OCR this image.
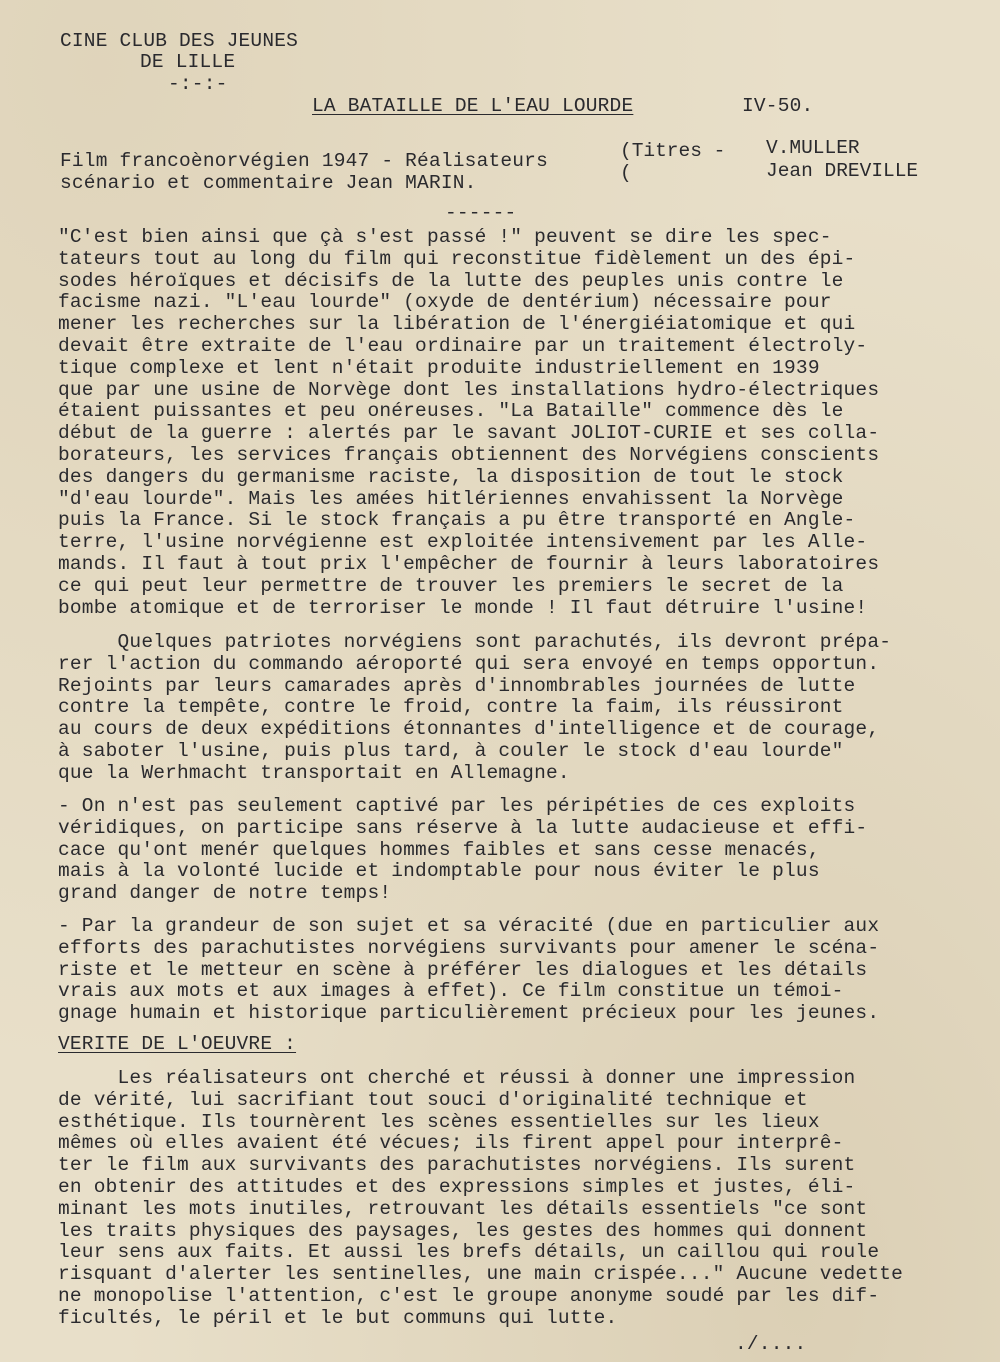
CINE CLUB DES JEUNES
DE LILLE
-:-:-
LA BATAILLE DE L'EAU LOURDE	IV-50.
Film francoènorvégien 1947 - Réalisateurs
scénario et commentaire Jean MARIN.
(Titres -
(
V.MULLER
Jean DREVILLE
------
"C'est bien ainsi que çà s'est passé !" peuvent se dire les spec-
tateurs tout au long du film qui reconstitue fidèlement un des épi-
sodes héroïques et décisifs de la lutte des peuples unis contre le
facisme nazi. "L'eau lourde" (oxyde de dentérium) nécessaire pour
mener les recherches sur la libération de l'énergiéiatomique et qui
devait être extraite de l'eau ordinaire par un traitement électroly-
tique complexe et lent n'était produite industriellement en 1939
que par une usine de Norvège dont les installations hydro-électriques
étaient puissantes et peu onéreuses. "La Bataille" commence dès le
début de la guerre : alertés par le savant JOLIOT-CURIE et ses colla-
borateurs, les services français obtiennent des Norvégiens conscients
des dangers du germanisme raciste, la disposition de tout le stock
"d'eau lourde". Mais les amées hitlériennes envahissent la Norvège
puis la France. Si le stock français a pu être transporté en Angle-
terre, l'usine norvégienne est exploitée intensivement par les Alle-
mands. Il faut à tout prix l'empêcher de fournir à leurs laboratoires
ce qui peut leur permettre de trouver les premiers le secret de la
bombe atomique et de terroriser le monde ! Il faut détruire l'usine!
Quelques patriotes norvégiens sont parachutés, ils devront prépa-
rer l'action du commando aéroporté qui sera envoyé en temps opportun.
Rejoints par leurs camarades après d'innombrables journées de lutte
contre la tempête, contre le froid, contre la faim, ils réussiront
au cours de deux expéditions étonnantes d'intelligence et de courage,
à saboter l'usine, puis plus tard, à couler le stock d'eau lourde"
que la Werhmacht transportait en Allemagne.
- On n'est pas seulement captivé par les péripéties de ces exploits
véridiques, on participe sans réserve à la lutte audacieuse et effi-
cace qu'ont menér quelques hommes faibles et sans cesse menacés,
mais à la volonté lucide et indomptable pour nous éviter le plus
grand danger de notre temps!
- Par la grandeur de son sujet et sa véracité (due en particulier aux
efforts des parachutistes norvégiens survivants pour amener le scéna-
riste et le metteur en scène à préférer les dialogues et les détails
vrais aux mots et aux images à effet). Ce film constitue un témoi-
gnage humain et historique particulièrement précieux pour les jeunes.
VERITE DE L'OEUVRE :
Les réalisateurs ont cherché et réussi à donner une impression
de vérité, lui sacrifiant tout souci d'originalité technique et
esthétique. Ils tournèrent les scènes essentielles sur les lieux
mêmes où elles avaient été vécues; ils firent appel pour interprê-
ter le film aux survivants des parachutistes norvégiens. Ils surent
en obtenir des attitudes et des expressions simples et justes, éli-
minant les mots inutiles, retrouvant les détails essentiels "ce sont
les traits physiques des paysages, les gestes des hommes qui donnent
leur sens aux faits. Et aussi les brefs détails, un caillou qui roule
risquant d'alerter les sentinelles, une main crispée..." Aucune vedette
ne monopolise l'attention, c'est le groupe anonyme soudé par les dif-
ficultés, le péril et le but communs qui lutte.
./....
